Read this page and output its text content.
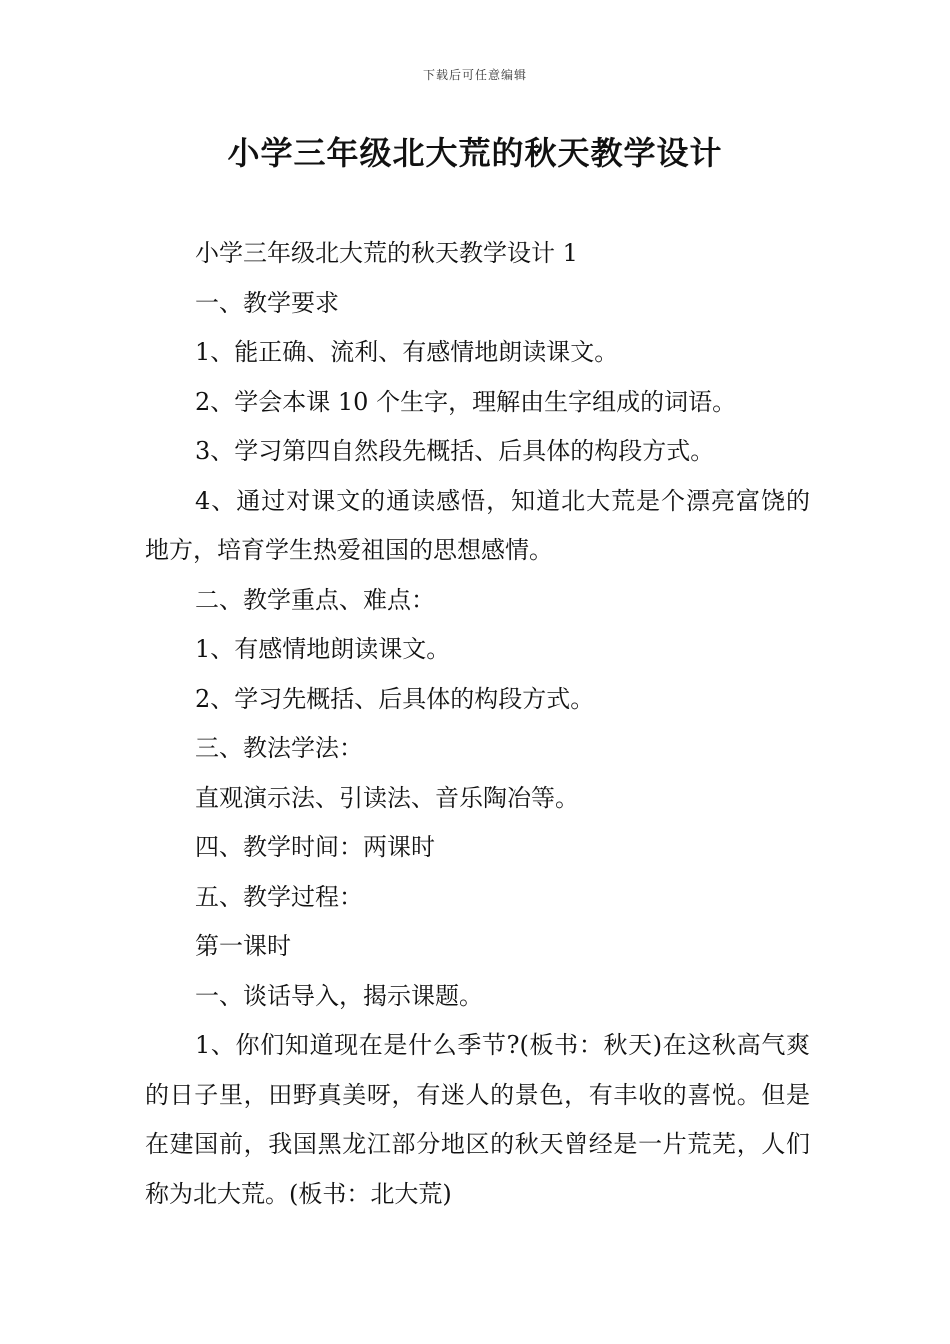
下载后可任意编辑
小学三年级北大荒的秋天教学设计

小学三年级北大荒的秋天教学设计 1

一、教学要求

1、能正确、流利、有感情地朗读课文。

2、学会本课 10 个生字，理解由生字组成的词语。

3、学习第四自然段先概括、后具体的构段方式。

4、通过对课文的通读感悟，知道北大荒是个漂亮富饶的地方，培育学生热爱祖国的思想感情。

二、教学重点、难点：

1、有感情地朗读课文。

2、学习先概括、后具体的构段方式。

三、教法学法：

直观演示法、引读法、音乐陶冶等。

四、教学时间：两课时

五、教学过程：

第一课时

一、谈话导入，揭示课题。

1、你们知道现在是什么季节?(板书：秋天)在这秋高气爽的日子里，田野真美呀，有迷人的景色，有丰收的喜悦。但是在建国前，我国黑龙江部分地区的秋天曾经是一片荒芜，人们称为北大荒。(板书：北大荒)
